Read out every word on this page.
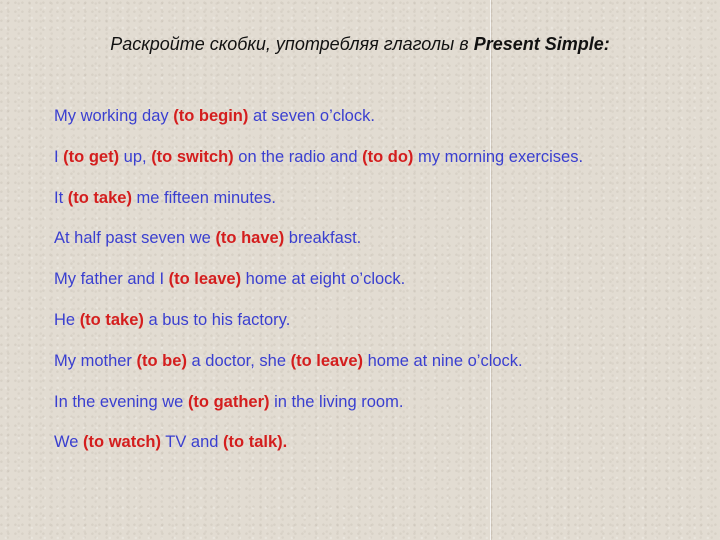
Раскройте скобки, употребляя глаголы в Present Simple:
My working day (to begin) at seven o’clock.
I (to get) up, (to switch) on the radio and (to do) my morning exercises.
It (to take) me fifteen minutes.
At half past seven we (to have) breakfast.
My father and I (to leave) home at eight o’clock.
He (to take) a bus to his factory.
My mother (to be) a doctor, she (to leave) home at nine o’clock.
In the evening we (to gather) in the living room.
We (to watch) TV and (to talk).
